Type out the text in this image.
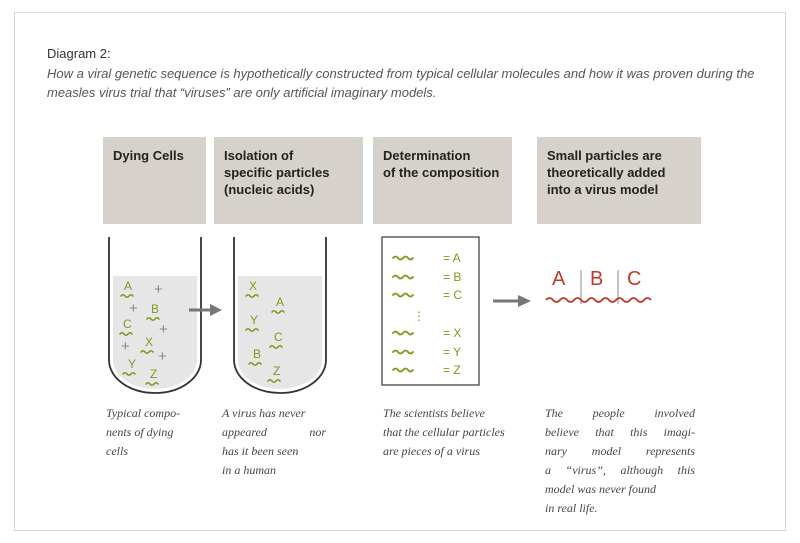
Diagram 2:
How a viral genetic sequence is hypothetically constructed from typical cellular molecules and how it was proven during the measles virus trial that “viruses” are only artificial imaginary models.
Dying Cells	Isolation of
specific particles
(nucleic acids)
Determination
of the composition
Small particles are
theoretically added
into a virus model
A
B
C
X
Y
Z
+
+
+
+
+
X
A
Y
C
B
Z
= A
= B
= C
⋮
= X
= Y
= Z
A B C
Typical compo-
nents of dying
cells
A virus has never
appeared nor
has it been seen
in a human
The scientists believe
that the cellular particles
are pieces of a virus
The people involved
believe that this imagi-
nary model represents
a “virus”, although this
model was never found
in real life.
